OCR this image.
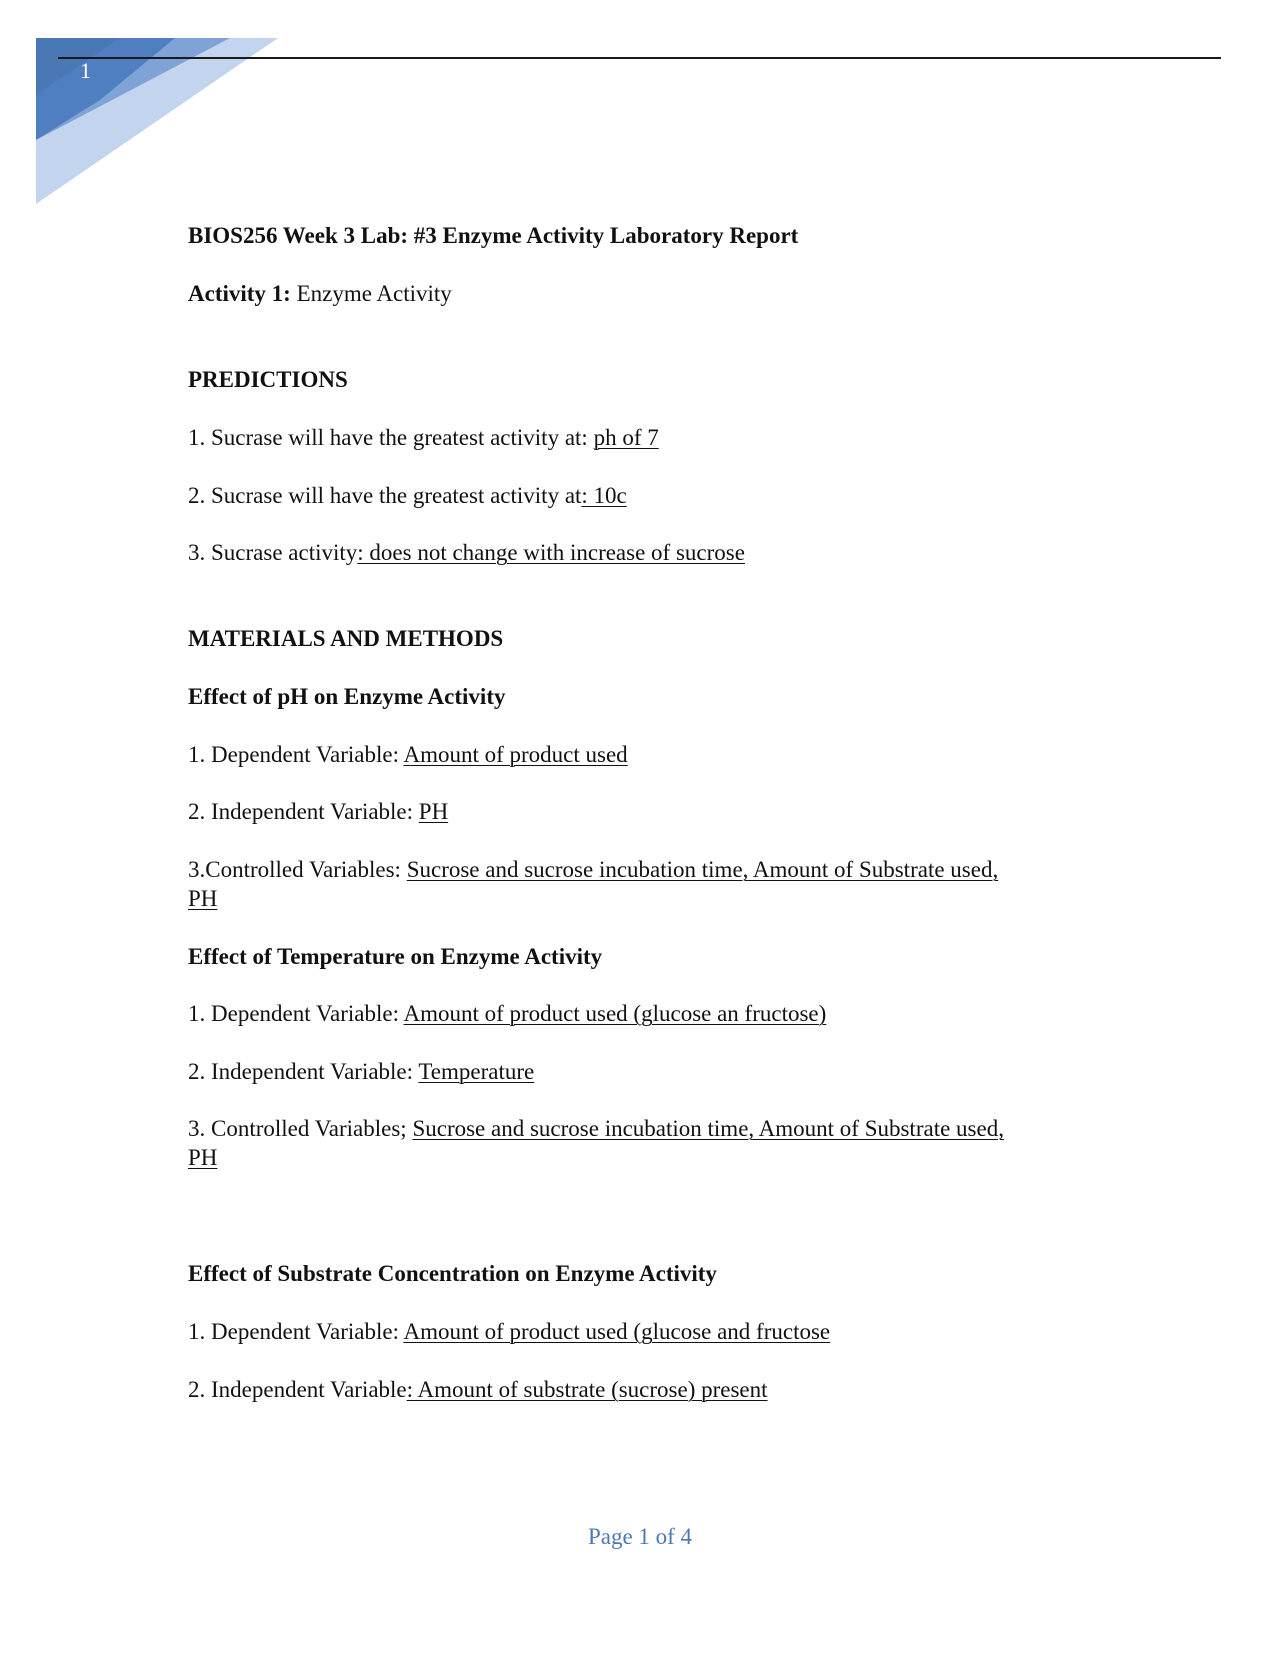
1
BIOS256 Week 3 Lab: #3 Enzyme Activity Laboratory Report
Activity 1: Enzyme Activity
PREDICTIONS
1. Sucrase will have the greatest activity at: ph of 7
2. Sucrase will have the greatest activity at: 10c
3. Sucrase activity: does not change with increase of sucrose
MATERIALS AND METHODS
Effect of pH on Enzyme Activity
1. Dependent Variable: Amount of product used
2. Independent Variable: PH
3.Controlled Variables: Sucrose and sucrose incubation time, Amount of Substrate used,
PH
Effect of Temperature on Enzyme Activity
1. Dependent Variable: Amount of product used (glucose an fructose)
2. Independent Variable: Temperature
3. Controlled Variables; Sucrose and sucrose incubation time, Amount of Substrate used,
PH
Effect of Substrate Concentration on Enzyme Activity
1. Dependent Variable: Amount of product used (glucose and fructose
2. Independent Variable: Amount of substrate (sucrose) present
Page 1 of 4
